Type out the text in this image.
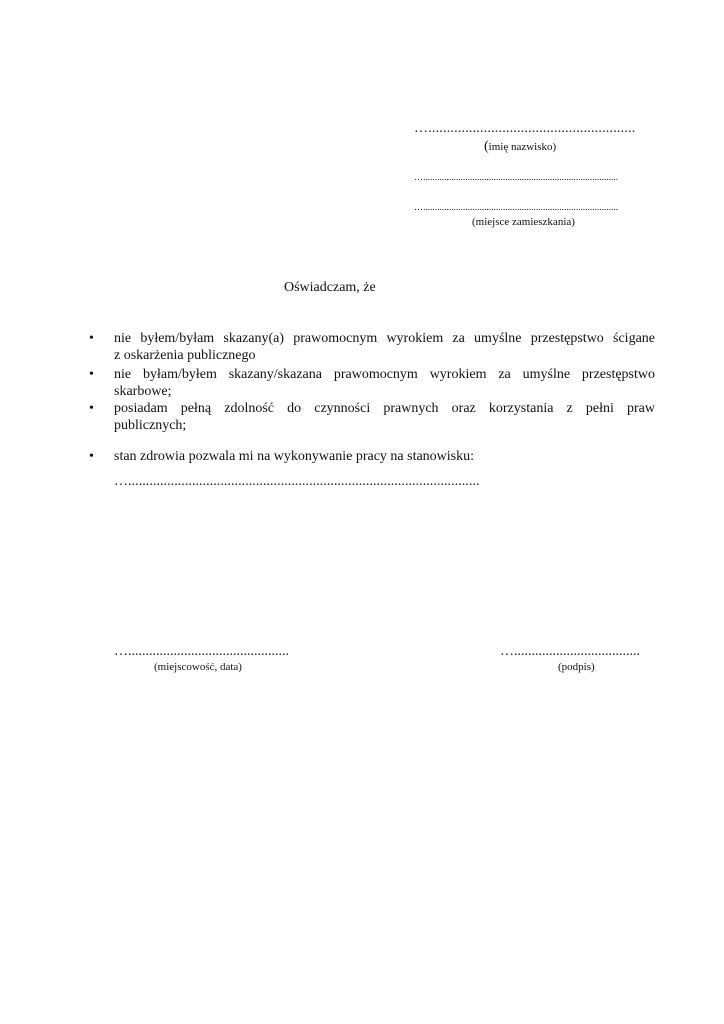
…........................................................
(imię nazwisko)
…...................................................................................
…...................................................................................
(miejsce zamieszkania)
Oświadczam, że
• nie byłem/byłam skazany(a) prawomocnym wyrokiem za umyślne przestępstwo ścigane
z oskarżenia publicznego
• nie byłam/byłem skazany/skazana prawomocnym wyrokiem za umyślne przestępstwo
skarbowe;
• posiadam pełną zdolność do czynności prawnych oraz korzystania z pełni praw
publicznych;
• stan zdrowia pozwala mi na wykonywanie pracy na stanowisku:
…...................................................................................................
…..............................................
(miejscowość, data)
…....................................
(podpis)
